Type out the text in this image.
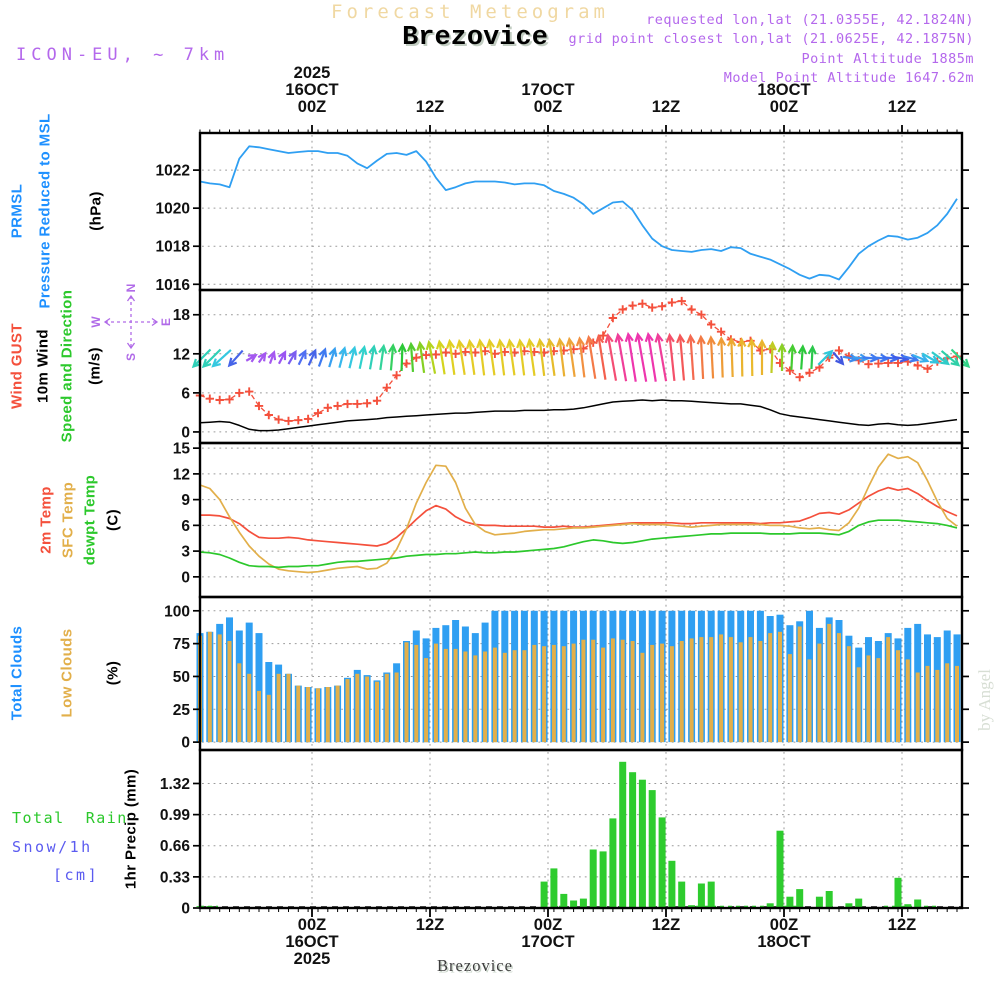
N
E
S
W
1022
1020
1018
1016
18
12
6
0
15
12
9
6
3
0
100
75
50
25
0
1.32
0.99
0.66
0.33
0
00Z
00Z
12Z
12Z
00Z
00Z
12Z
12Z
00Z
00Z
12Z
12Z
16OCT
16OCT
17OCT
17OCT
18OCT
18OCT
2025
2025
Forecast Meteogram
Brezovice
requested lon,lat (21.0355E, 42.1824N)
grid point closest lon,lat (21.0625E, 42.1875N)
Point Altitude 1885m
Model Point Altitude 1647.62m
ICON-EU, ~ 7km
PRMSL Pressure Reduced to MSL (hPa)
Wind GUST 10m Wind Speed and Direction (m/s)
2m Temp SFC Temp dewpt Temp (C)
Total Clouds Low Clouds (%)
Total  Rain
Snow/1h
[cm] 1hr Precip (mm)
by Angel
Brezovice
